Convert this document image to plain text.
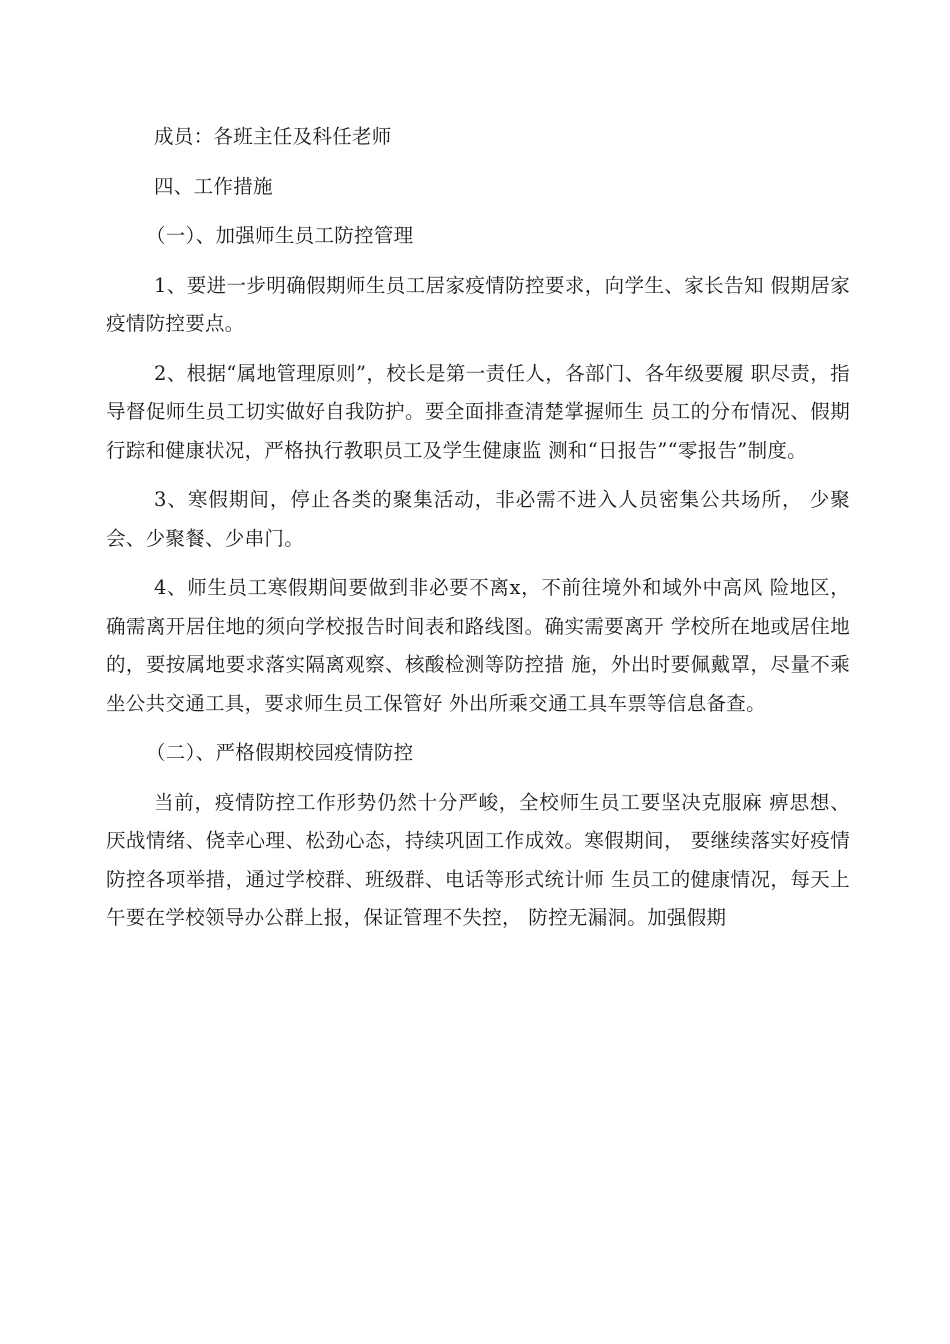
成员：各班主任及科任老师

四、工作措施

（一）、加强师生员工防控管理

1、要进一步明确假期师生员工居家疫情防控要求，向学生、家长告知 假期居家疫情防控要点。

2、根据“属地管理原则”，校长是第一责任人，各部门、各年级要履 职尽责，指导督促师生员工切实做好自我防护。要全面排查清楚掌握师生 员工的分布情况、假期行踪和健康状况，严格执行教职员工及学生健康监 测和“日报告”“零报告”制度。

3、寒假期间，停止各类的聚集活动，非必需不进入人员密集公共场所， 少聚会、少聚餐、少串门。

4、师生员工寒假期间要做到非必要不离x，不前往境外和域外中高风 险地区，确需离开居住地的须向学校报告时间表和路线图。确实需要离开 学校所在地或居住地的，要按属地要求落实隔离观察、核酸检测等防控措 施，外出时要佩戴罩，尽量不乘坐公共交通工具，要求师生员工保管好 外出所乘交通工具车票等信息备查。

（二）、严格假期校园疫情防控

当前，疫情防控工作形势仍然十分严峻，全校师生员工要坚决克服麻 痹思想、厌战情绪、侥幸心理、松劲心态，持续巩固工作成效。寒假期间， 要继续落实好疫情防控各项举措，通过学校群、班级群、电话等形式统计师 生员工的健康情况，每天上午要在学校领导办公群上报，保证管理不失控， 防控无漏洞。加强假期
